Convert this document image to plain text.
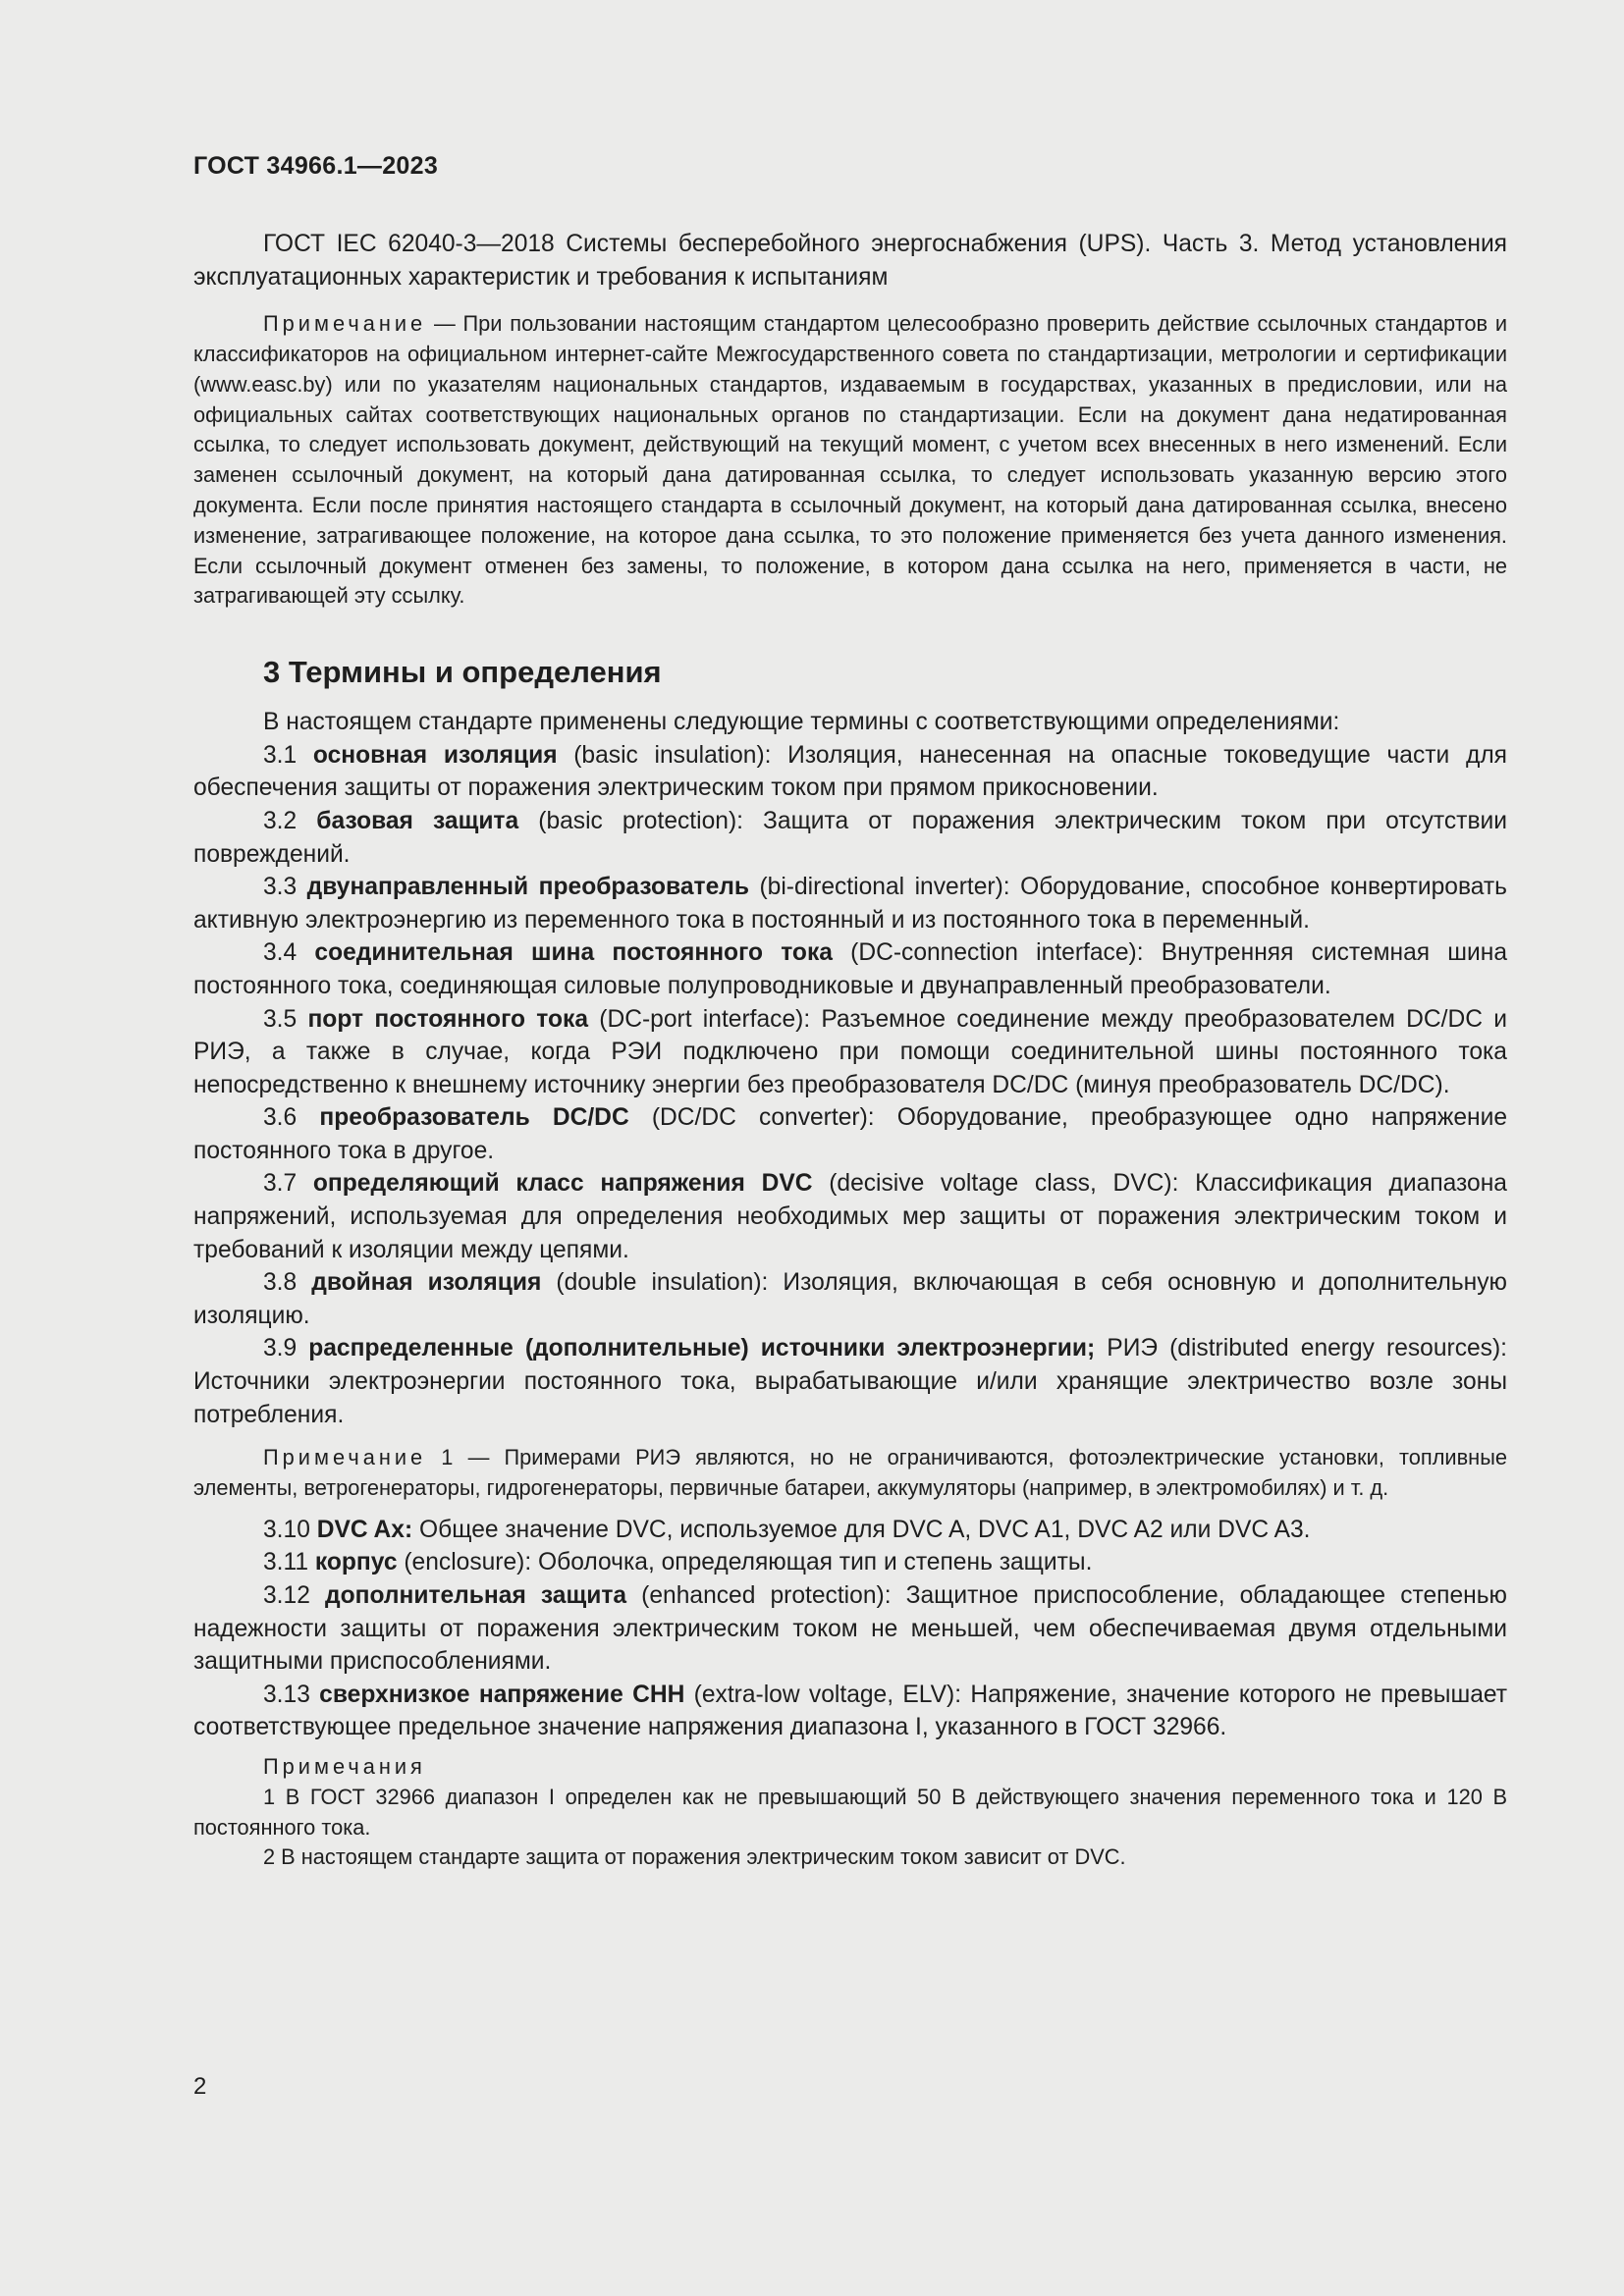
ГОСТ 34966.1—2023

ГОСТ IEC 62040-3—2018 Системы бесперебойного энергоснабжения (UPS). Часть 3. Метод установления эксплуатационных характеристик и требования к испытаниям

Примечание — При пользовании настоящим стандартом целесообразно проверить действие ссылочных стандартов и классификаторов на официальном интернет-сайте Межгосударственного совета по стандартизации, метрологии и сертификации (www.easc.by) или по указателям национальных стандартов, издаваемым в государствах, указанных в предисловии, или на официальных сайтах соответствующих национальных органов по стандартизации. Если на документ дана недатированная ссылка, то следует использовать документ, действующий на текущий момент, с учетом всех внесенных в него изменений. Если заменен ссылочный документ, на который дана датированная ссылка, то следует использовать указанную версию этого документа. Если после принятия настоящего стандарта в ссылочный документ, на который дана датированная ссылка, внесено изменение, затрагивающее положение, на которое дана ссылка, то это положение применяется без учета данного изменения. Если ссылочный документ отменен без замены, то положение, в котором дана ссылка на него, применяется в части, не затрагивающей эту ссылку.

3 Термины и определения

В настоящем стандарте применены следующие термины с соответствующими определениями:

3.1 основная изоляция (basic insulation): Изоляция, нанесенная на опасные токоведущие части для обеспечения защиты от поражения электрическим током при прямом прикосновении.

3.2 базовая защита (basic protection): Защита от поражения электрическим током при отсутствии повреждений.

3.3 двунаправленный преобразователь (bi-directional inverter): Оборудование, способное конвертировать активную электроэнергию из переменного тока в постоянный и из постоянного тока в переменный.

3.4 соединительная шина постоянного тока (DC-connection interface): Внутренняя системная шина постоянного тока, соединяющая силовые полупроводниковые и двунаправленный преобразователи.

3.5 порт постоянного тока (DC-port interface): Разъемное соединение между преобразователем DC/DC и РИЭ, а также в случае, когда РЭИ подключено при помощи соединительной шины постоянного тока непосредственно к внешнему источнику энергии без преобразователя DC/DC (минуя преобразователь DC/DC).

3.6 преобразователь DC/DC (DC/DC converter): Оборудование, преобразующее одно напряжение постоянного тока в другое.

3.7 определяющий класс напряжения DVC (decisive voltage class, DVC): Классификация диапазона напряжений, используемая для определения необходимых мер защиты от поражения электрическим током и требований к изоляции между цепями.

3.8 двойная изоляция (double insulation): Изоляция, включающая в себя основную и дополнительную изоляцию.

3.9 распределенные (дополнительные) источники электроэнергии; РИЭ (distributed energy resources): Источники электроэнергии постоянного тока, вырабатывающие и/или хранящие электричество возле зоны потребления.

Примечание 1 — Примерами РИЭ являются, но не ограничиваются, фотоэлектрические установки, топливные элементы, ветрогенераторы, гидрогенераторы, первичные батареи, аккумуляторы (например, в электромобилях) и т. д.

3.10 DVC Ax: Общее значение DVC, используемое для DVC A, DVC A1, DVC A2 или DVC A3.

3.11 корпус (enclosure): Оболочка, определяющая тип и степень защиты.

3.12 дополнительная защита (enhanced protection): Защитное приспособление, обладающее степенью надежности защиты от поражения электрическим током не меньшей, чем обеспечиваемая двумя отдельными защитными приспособлениями.

3.13 сверхнизкое напряжение СНН (extra-low voltage, ELV): Напряжение, значение которого не превышает соответствующее предельное значение напряжения диапазона I, указанного в ГОСТ 32966.

Примечания

1 В ГОСТ 32966 диапазон I определен как не превышающий 50 В действующего значения переменного тока и 120 В постоянного тока.

2 В настоящем стандарте защита от поражения электрическим током зависит от DVC.

2
